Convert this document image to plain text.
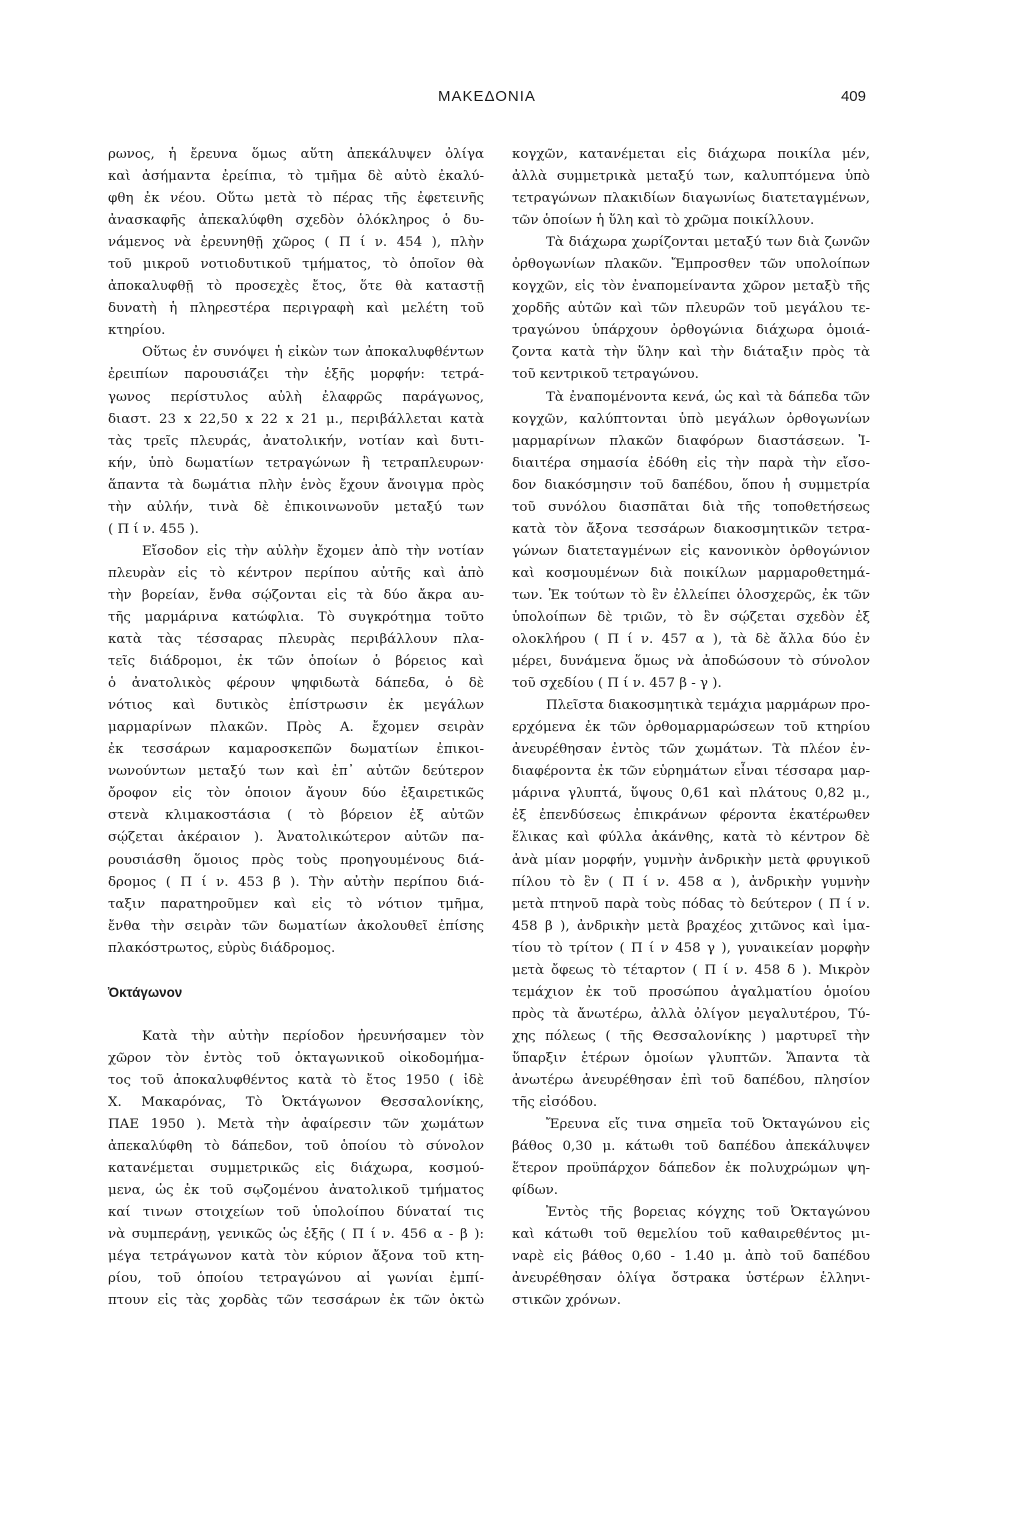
ΜΑΚΕΔΟΝΙΑ	409
ρωνος, ἡ ἔρευνα ὅμως αὕτη ἀπεκάλυψεν ὀλίγα
καὶ ἀσήμαντα ἐρείπια, τὸ τμῆμα δὲ αὐτὸ ἐκαλύ-
φθη ἐκ νέου. Οὕτω μετὰ τὸ πέρας τῆς ἐφετεινῆς
ἀνασκαφῆς ἀπεκαλύφθη σχεδὸν ὁλόκληρος ὁ δυ-
νάμενος νὰ ἐρευνηθῇ χῶρος ( Π ί ν. 454 ), πλὴν
τοῦ μικροῦ νοτιοδυτικοῦ τμήματος, τὸ ὁποῖον θὰ
ἀποκαλυφθῇ τὸ προσεχὲς ἔτος, ὅτε θὰ καταστῇ
δυνατὴ ἡ πληρεστέρα περιγραφὴ καὶ μελέτη τοῦ
κτηρίου.
Οὕτως ἐν συνόψει ἡ εἰκὼν των ἀποκαλυφθέντων
ἐρειπίων παρουσιάζει τὴν ἑξῆς μορφήν: τετρά-
γωνος περίστυλος αὐλὴ ἐλαφρῶς παράγωνος,
διαστ. 23 x 22,50 x 22 x 21 μ., περιβάλλεται κατὰ
τὰς τρεῖς πλευράς, ἀνατολικήν, νοτίαν καὶ δυτι-
κήν, ὑπὸ δωματίων τετραγώνων ἢ τετραπλευρων·
ἅπαντα τὰ δωμάτια πλὴν ἑνὸς ἔχουν ἄνοιγμα πρὸς
τὴν αὐλήν, τινὰ δὲ ἐπικοινωνοῦν μεταξύ των
( Π ί ν. 455 ).
Εἴσοδον εἰς τὴν αὐλὴν ἔχομεν ἀπὸ τὴν νοτίαν
πλευρὰν εἰς τὸ κέντρον περίπου αὐτῆς καὶ ἀπὸ
τὴν βορείαν, ἔνθα σῴζονται εἰς τὰ δύο ἄκρα αυ-
τῆς μαρμάρινα κατώφλια. Τὸ συγκρότημα τοῦτο
κατὰ τὰς τέσσαρας πλευρὰς περιβάλλουν πλα-
τεῖς διάδρομοι, ἐκ τῶν ὁποίων ὁ βόρειος καὶ
ὁ ἀνατολικὸς φέρουν ψηφιδωτὰ δάπεδα, ὁ δὲ
νότιος καὶ δυτικὸς ἐπίστρωσιν ἐκ μεγάλων
μαρμαρίνων πλακῶν. Πρὸς Α. ἔχομεν σειρὰν
ἐκ τεσσάρων καμαροσκεπῶν δωματίων ἐπικοι-
νωνούντων μεταξύ των καὶ ἐπ᾽ αὐτῶν δεύτερον
ὄροφον εἰς τὸν ὁποιον ἄγουν δύο ἐξαιρετικῶς
στενὰ κλιμακοστάσια ( τὸ βόρειον ἐξ αὐτῶν
σῴζεται ἀκέραιον ). Ἀνατολικώτερον αὐτῶν πα-
ρουσιάσθη ὅμοιος πρὸς τοὺς προηγουμένους διά-
δρομος ( Π ί ν. 453 β ). Τὴν αὐτὴν περίπου διά-
ταξιν παρατηροῦμεν καὶ εἰς τὸ νότιον τμῆμα,
ἔνθα τὴν σειρὰν τῶν δωματίων ἀκολουθεῖ ἐπίσης
πλακόστρωτος, εὐρὺς διάδρομος.
Ὀκτάγωνον
Κατὰ τὴν αὐτὴν περίοδον ἠρευνήσαμεν τὸν
χῶρον τὸν ἐντὸς τοῦ ὀκταγωνικοῦ οἰκοδομήμα-
τος τοῦ ἀποκαλυφθέντος κατὰ τὸ ἔτος 1950 ( ἰδὲ
Χ. Μακαρόνας, Τὸ Ὀκτάγωνον Θεσσαλονίκης,
ΠΑΕ 1950 ). Μετὰ τὴν ἀφαίρεσιν τῶν χωμάτων
ἀπεκαλύφθη τὸ δάπεδον, τοῦ ὁποίου τὸ σύνολον
κατανέμεται συμμετρικῶς εἰς διάχωρα, κοσμού-
μενα, ὡς ἐκ τοῦ σῳζομένου ἀνατολικοῦ τμήματος
καί τινων στοιχείων τοῦ ὑπολοίπου δύναταί τις
νὰ συμπεράνῃ, γενικῶς ὡς ἑξῆς ( Π ί ν. 456 α - β ):
μέγα τετράγωνον κατὰ τὸν κύριον ἄξονα τοῦ κτη-
ρίου, τοῦ ὁποίου τετραγώνου αἱ γωνίαι ἐμπί-
πτουν εἰς τὰς χορδὰς τῶν τεσσάρων ἐκ τῶν ὀκτὼ
κογχῶν, κατανέμεται εἰς διάχωρα ποικίλα μέν,
ἀλλὰ συμμετρικὰ μεταξύ των, καλυπτόμενα ὑπὸ
τετραγώνων πλακιδίων διαγωνίως διατεταγμένων,
τῶν ὁποίων ἡ ὕλη καὶ τὸ χρῶμα ποικίλλουν.
Τὰ διάχωρα χωρίζονται μεταξύ των διὰ ζωνῶν
ὀρθογωνίων πλακῶν. Ἔμπροσθεν τῶν υπολοίπων
κογχῶν, εἰς τὸν ἐναπομείναντα χῶρον μεταξὺ τῆς
χορδῆς αὐτῶν καὶ τῶν πλευρῶν τοῦ μεγάλου τε-
τραγώνου ὑπάρχουν ὀρθογώνια διάχωρα ὁμοιά-
ζοντα κατὰ τὴν ὕλην καὶ τὴν διάταξιν πρὸς τὰ
τοῦ κεντρικοῦ τετραγώνου.
Τὰ ἐναπομένοντα κενά, ὡς καὶ τὰ δάπεδα τῶν
κογχῶν, καλύπτονται ὑπὸ μεγάλων ὀρθογωνίων
μαρμαρίνων πλακῶν διαφόρων διαστάσεων. Ἰ-
διαιτέρα σημασία ἐδόθη εἰς τὴν παρὰ τὴν εἴσο-
δον διακόσμησιν τοῦ δαπέδου, ὅπου ἡ συμμετρία
τοῦ συνόλου διασπᾶται διὰ τῆς τοποθετήσεως
κατὰ τὸν ἄξονα τεσσάρων διακοσμητικῶν τετρα-
γώνων διατεταγμένων εἰς κανονικὸν ὀρθογώνιον
καὶ κοσμουμένων διὰ ποικίλων μαρμαροθετημά-
των. Ἐκ τούτων τὸ ἓν ἐλλείπει ὁλοσχερῶς, ἐκ τῶν
ὑπολοίπων δὲ τριῶν, τὸ ἓν σῴζεται σχεδὸν ἐξ
ολοκλήρου ( Π ί ν. 457 α ), τὰ δὲ ἄλλα δύο ἐν
μέρει, δυνάμενα ὅμως νὰ ἀποδώσουν τὸ σύνολον
τοῦ σχεδίου ( Π ί ν. 457 β - γ ).
Πλεῖστα διακοσμητικὰ τεμάχια μαρμάρων προ-
ερχόμενα ἐκ τῶν ὀρθομαρμαρώσεων τοῦ κτηρίου
ἀνευρέθησαν ἐντὸς τῶν χωμάτων. Τὰ πλέον ἐν-
διαφέροντα ἐκ τῶν εὑρημάτων εἶναι τέσσαρα μαρ-
μάρινα γλυπτά, ὕψους 0,61 καὶ πλάτους 0,82 μ.,
ἐξ ἐπενδύσεως ἐπικράνων φέροντα ἑκατέρωθεν
ἕλικας καὶ φύλλα ἀκάνθης, κατὰ τὸ κέντρον δὲ
ἀνὰ μίαν μορφήν, γυμνὴν ἀνδρικὴν μετὰ φρυγικοῦ
πίλου τὸ ἓν ( Π ί ν. 458 α ), ἀνδρικὴν γυμνὴν
μετὰ πτηνοῦ παρὰ τοὺς πόδας τὸ δεύτερον ( Π ί ν.
458 β ), ἀνδρικὴν μετὰ βραχέος χιτῶνος καὶ ἱμα-
τίου τὸ τρίτον ( Π ί ν 458 γ ), γυναικείαν μορφὴν
μετὰ ὄφεως τὸ τέταρτον ( Π ί ν. 458 δ ). Μικρὸν
τεμάχιον ἐκ τοῦ προσώπου ἀγαλματίου ὁμοίου
πρὸς τὰ ἄνωτέρω, ἀλλὰ ὀλίγον μεγαλυτέρου, Τύ-
χης πόλεως ( τῆς Θεσσαλονίκης ) μαρτυρεῖ τὴν
ὕπαρξιν ἑτέρων ὁμοίων γλυπτῶν. Ἅπαντα τὰ
ἀνωτέρω ἀνευρέθησαν ἐπὶ τοῦ δαπέδου, πλησίον
τῆς εἰσόδου.
Ἔρευνα εἴς τινα σημεῖα τοῦ Ὀκταγώνου εἰς
βάθος 0,30 μ. κάτωθι τοῦ δαπέδου ἀπεκάλυψεν
ἕτερον προϋπάρχον δάπεδον ἐκ πολυχρώμων ψη-
φίδων.
Ἐντὸς τῆς βορειας κόγχης τοῦ Ὀκταγώνου
καὶ κάτωθι τοῦ θεμελίου τοῦ καθαιρεθέντος μι-
ναρὲ εἰς βάθος 0,60 - 1.40 μ. ἀπὸ τοῦ δαπέδου
ἀνευρέθησαν ὀλίγα ὄστρακα ὑστέρων ἑλληνι-
στικῶν χρόνων.
